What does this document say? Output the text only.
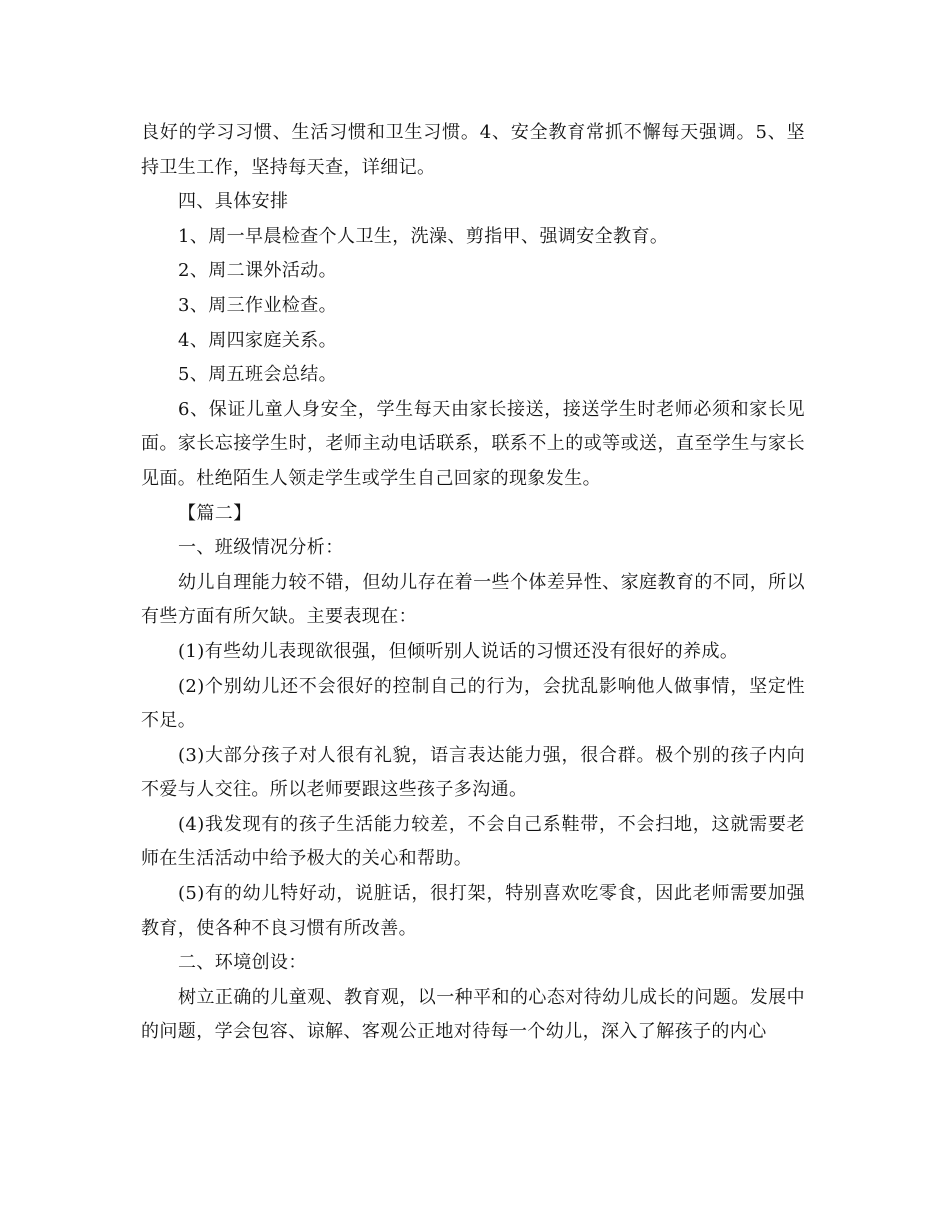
良好的学习习惯、生活习惯和卫生习惯。4、安全教育常抓不懈每天强调。5、坚持卫生工作，坚持每天查，详细记。

四、具体安排

1、周一早晨检查个人卫生，洗澡、剪指甲、强调安全教育。

2、周二课外活动。

3、周三作业检查。

4、周四家庭关系。

5、周五班会总结。

6、保证儿童人身安全，学生每天由家长接送，接送学生时老师必须和家长见面。家长忘接学生时，老师主动电话联系，联系不上的或等或送，直至学生与家长见面。杜绝陌生人领走学生或学生自己回家的现象发生。

【篇二】

一、班级情况分析：

幼儿自理能力较不错，但幼儿存在着一些个体差异性、家庭教育的不同，所以有些方面有所欠缺。主要表现在：

(1)有些幼儿表现欲很强，但倾听别人说话的习惯还没有很好的养成。

(2)个别幼儿还不会很好的控制自己的行为，会扰乱影响他人做事情，坚定性不足。

(3)大部分孩子对人很有礼貌，语言表达能力强，很合群。极个别的孩子内向不爱与人交往。所以老师要跟这些孩子多沟通。

(4)我发现有的孩子生活能力较差，不会自己系鞋带，不会扫地，这就需要老师在生活活动中给予极大的关心和帮助。

(5)有的幼儿特好动，说脏话，很打架，特别喜欢吃零食，因此老师需要加强教育，使各种不良习惯有所改善。

二、环境创设：

树立正确的儿童观、教育观，以一种平和的心态对待幼儿成长的问题。发展中的问题，学会包容、谅解、客观公正地对待每一个幼儿，深入了解孩子的内心
